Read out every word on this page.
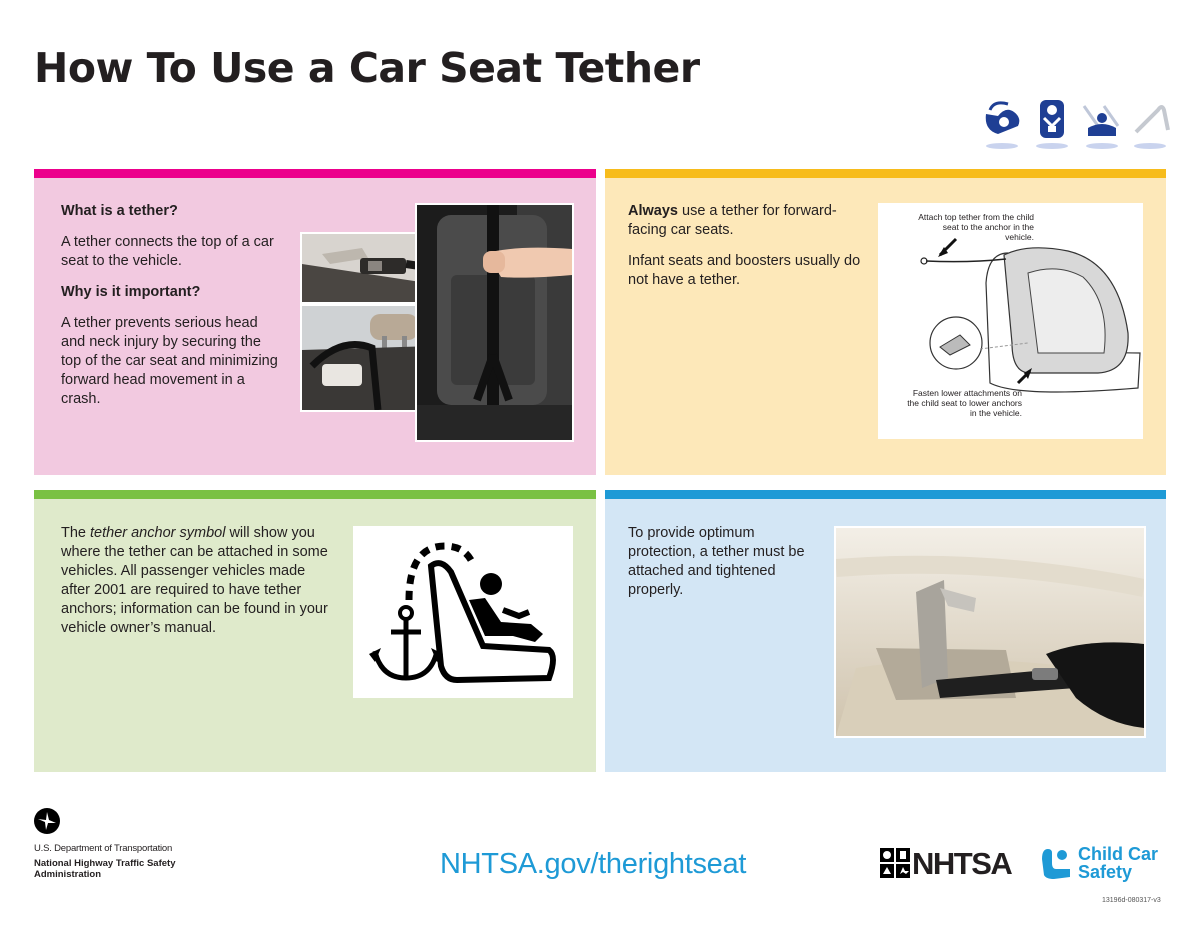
How To Use a Car Seat Tether

What is a tether?

A tether connects the top of a car seat to the vehicle.

Why is it important?

A tether prevents serious head and neck injury by securing the top of the car seat and minimizing forward head movement in a crash.

Always use a tether for forward-facing car seats.

Infant seats and boosters usually do not have a tether.

Attach top tether from the child seat to the anchor in the vehicle.
Fasten lower attachments on the child seat to lower anchors in the vehicle.

The tether anchor symbol will show you where the tether can be attached in some vehicles. All passenger vehicles made after 2001 are required to have tether anchors; information can be found in your vehicle owner’s manual.

To provide optimum protection, a tether must be attached and tightened properly.

U.S. Department of Transportation
National Highway Traffic Safety Administration	NHTSA.gov/therightseat	NHTSA	Child Car Safety
13196d-080317-v3
